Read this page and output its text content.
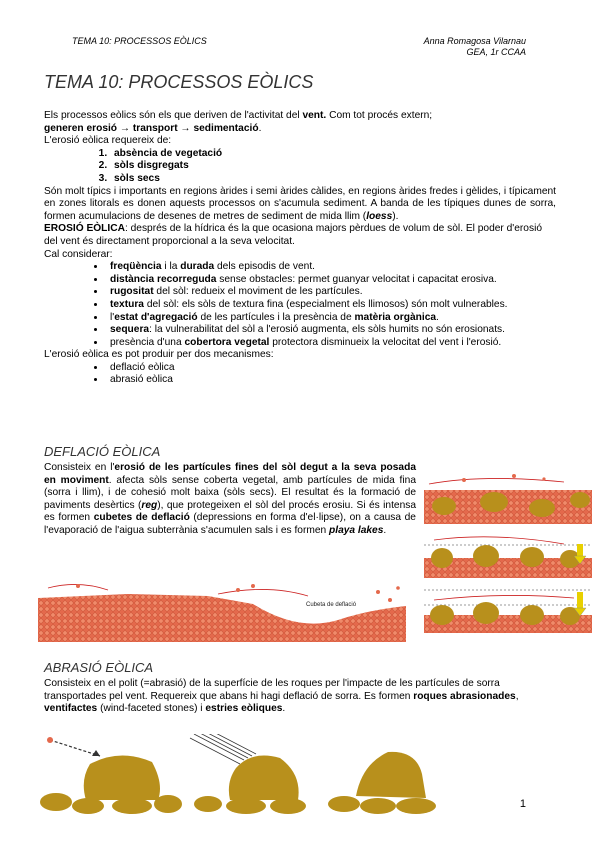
TEMA 10: PROCESSOS EÒLICS	Anna Romagosa Vilarnau
GEA, 1r CCAA
TEMA 10: PROCESSOS EÒLICS

Els processos eòlics són els que deriven de l'activitat del vent. Com tot procés extern;

generen erosió → transport → sedimentació.

L'erosió eòlica requereix de:

1. absència de vegetació
2. sòls disgregats
3. sòls secs

Són molt típics i importants en regions àrides i semi àrides càlides, en regions àrides fredes i gèlides, i típicament en zones litorals es donen aquests processos on s'acumula sediment. A banda de les típiques dunes de sorra, formen acumulacions de desenes de metres de sediment de mida llim (loess).

EROSIÓ EÒLICA: després de la hídrica és la que ocasiona majors pèrdues de volum de sòl. El poder d'erosió del vent és directament proporcional a la seva velocitat.

Cal considerar:

• freqüència i la durada dels episodis de vent.
• distància recorreguda sense obstacles: permet guanyar velocitat i capacitat erosiva.
• rugositat del sòl: redueix el moviment de les partícules.
• textura del sòl: els sòls de textura fina (especialment els llimosos) són molt vulnerables.
• l'estat d'agregació de les partícules i la presència de matèria orgànica.
• sequera: la vulnerabilitat del sòl a l'erosió augmenta, els sòls humits no són erosionats.
• presència d'una cobertora vegetal protectora disminueix la velocitat del vent i l'erosió.

L'erosió eòlica es pot produir per dos mecanismes:

• deflació eòlica
• abrasió eòlica
DEFLACIÓ EÒLICA

Consisteix en l'erosió de les partícules fines del sòl degut a la seva posada en moviment. afecta sòls sense coberta vegetal, amb partícules de mida fina (sorra i llim), i de cohesió molt baixa (sòls secs). El resultat és la formació de paviments desèrtics (reg), que protegeixen el sòl del procés erosiu. Si és intensa es formen cubetes de deflació (depressions en forma d'el·lipse), on a causa de l'evaporació de l'aigua subterrània s'acumulen sals i es formen playa lakes.

Cubeta de deflació
ABRASIÓ EÒLICA

Consisteix en el polit (=abrasió) de la superfície de les roques per l'impacte de les partícules de sorra transportades pel vent. Requereix que abans hi hagi deflació de sorra. Es formen roques abrasionades, ventifactes (wind-faceted stones) i estries eòliques.

1
